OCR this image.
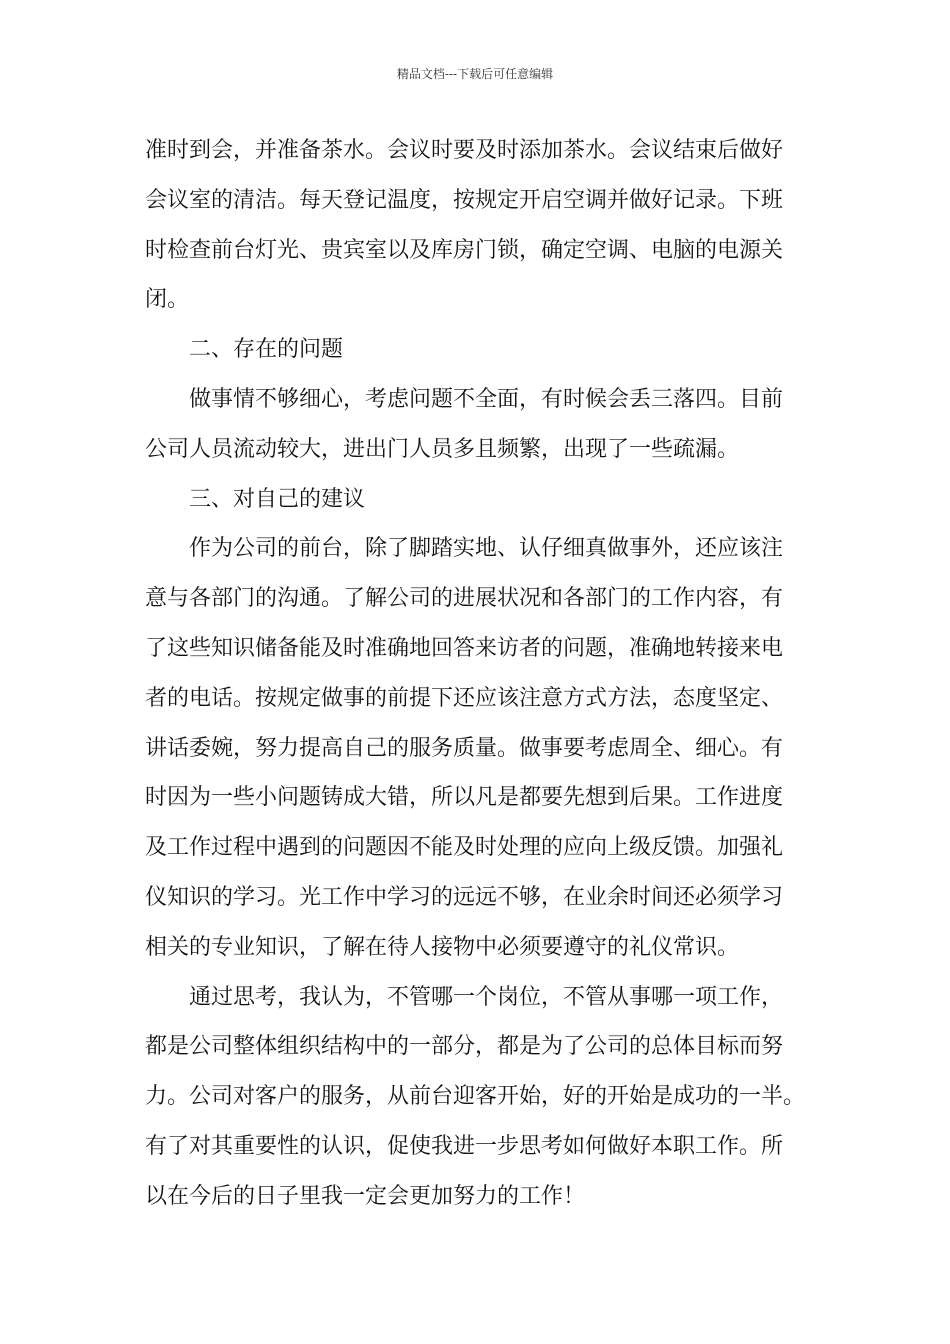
精品文档---下载后可任意编辑

准时到会，并准备茶水。会议时要及时添加茶水。会议结束后做好

会议室的清洁。每天登记温度，按规定开启空调并做好记录。下班

时检查前台灯光、贵宾室以及库房门锁，确定空调、电脑的电源关

闭。

二、存在的问题

做事情不够细心，考虑问题不全面，有时候会丢三落四。目前

公司人员流动较大，进出门人员多且频繁，出现了一些疏漏。

三、对自己的建议

作为公司的前台，除了脚踏实地、认仔细真做事外，还应该注

意与各部门的沟通。了解公司的进展状况和各部门的工作内容，有

了这些知识储备能及时准确地回答来访者的问题，准确地转接来电

者的电话。按规定做事的前提下还应该注意方式方法，态度坚定、

讲话委婉，努力提高自己的服务质量。做事要考虑周全、细心。有

时因为一些小问题铸成大错，所以凡是都要先想到后果。工作进度

及工作过程中遇到的问题因不能及时处理的应向上级反馈。加强礼

仪知识的学习。光工作中学习的远远不够，在业余时间还必须学习

相关的专业知识，了解在待人接物中必须要遵守的礼仪常识。

通过思考，我认为，不管哪一个岗位，不管从事哪一项工作，

都是公司整体组织结构中的一部分，都是为了公司的总体目标而努

力。公司对客户的服务，从前台迎客开始，好的开始是成功的一半。

有了对其重要性的认识，促使我进一步思考如何做好本职工作。所

以在今后的日子里我一定会更加努力的工作！
